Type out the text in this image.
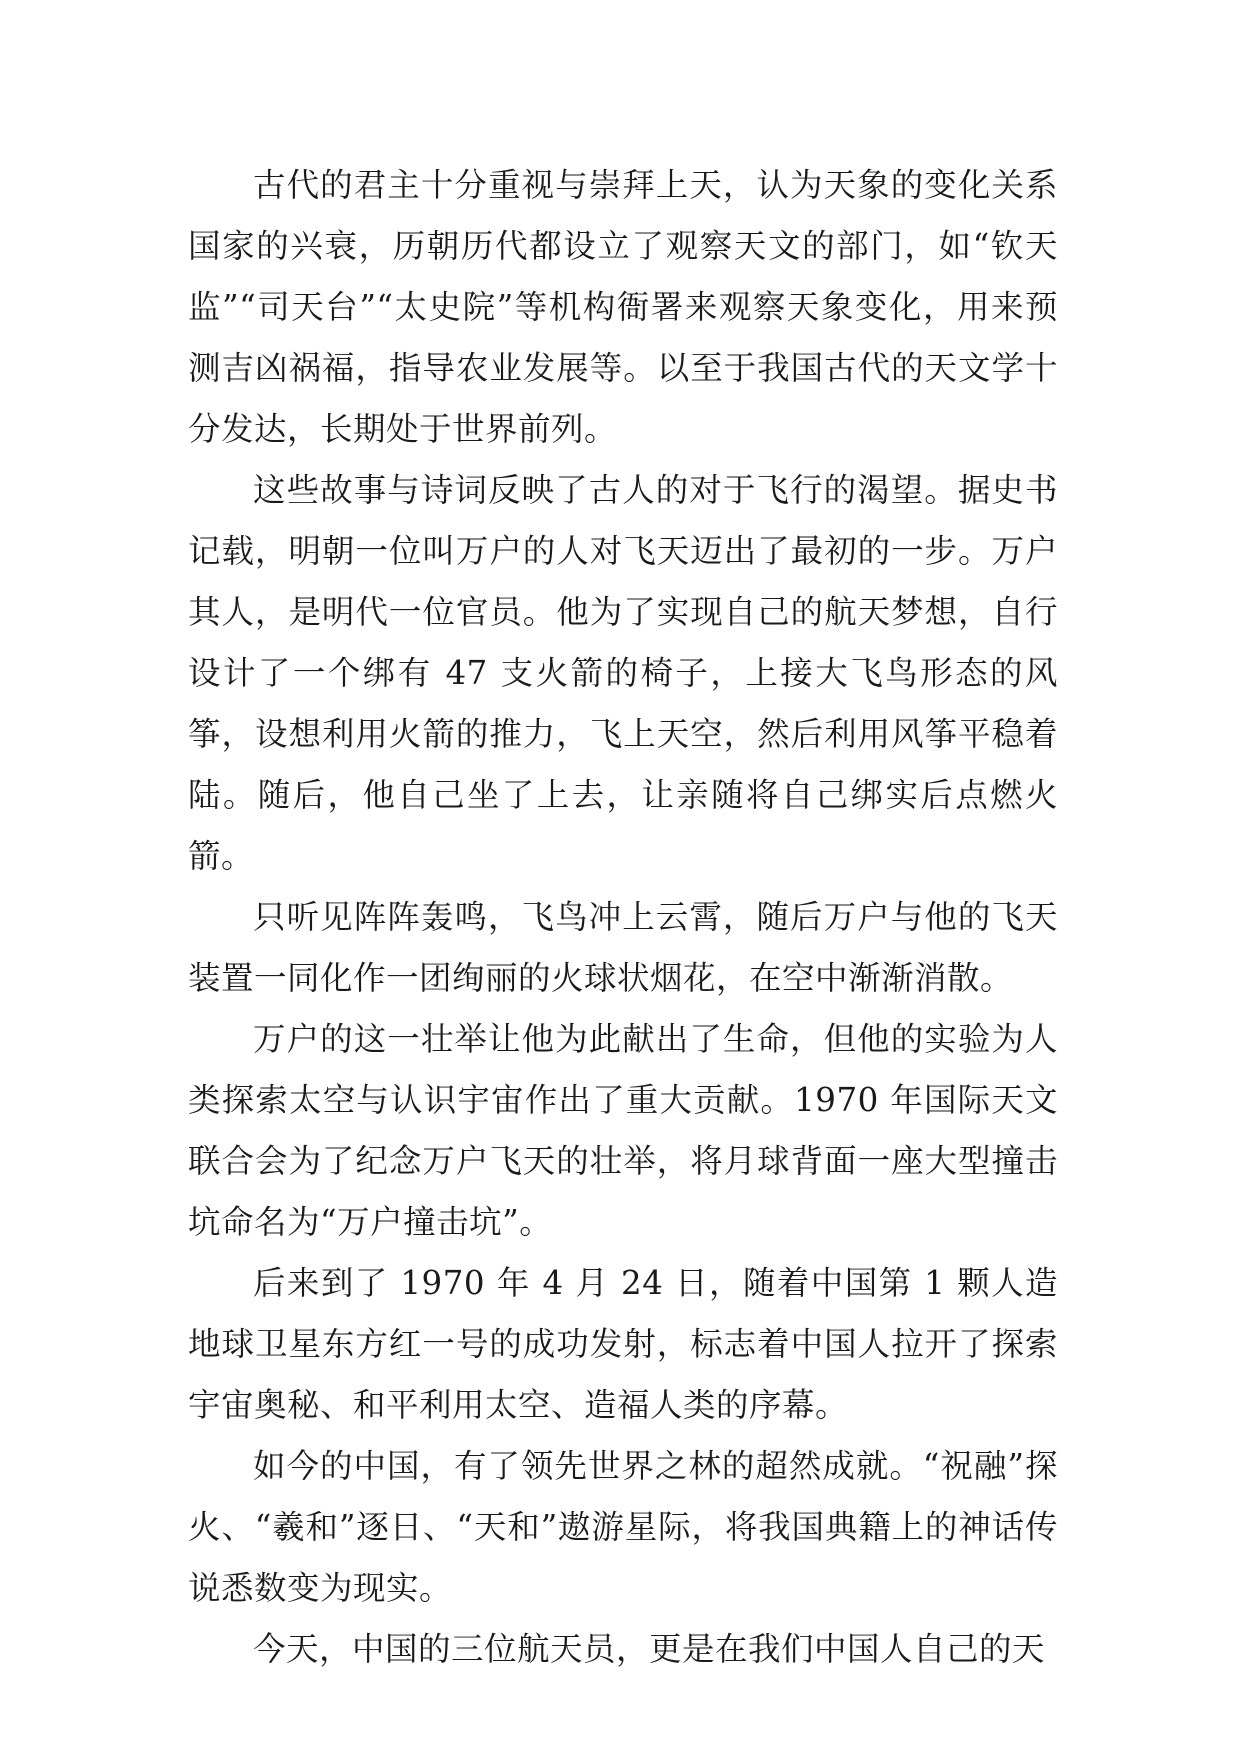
古代的君主十分重视与崇拜上天，认为天象的变化关系国家的兴衰，历朝历代都设立了观察天文的部门，如“钦天监”“司天台”“太史院”等机构衙署来观察天象变化，用来预测吉凶祸福，指导农业发展等。以至于我国古代的天文学十分发达，长期处于世界前列。

这些故事与诗词反映了古人的对于飞行的渴望。据史书记载，明朝一位叫万户的人对飞天迈出了最初的一步。万户其人，是明代一位官员。他为了实现自己的航天梦想，自行设计了一个绑有 47 支火箭的椅子，上接大飞鸟形态的风筝，设想利用火箭的推力，飞上天空，然后利用风筝平稳着陆。随后，他自己坐了上去，让亲随将自己绑实后点燃火箭。

只听见阵阵轰鸣，飞鸟冲上云霄，随后万户与他的飞天装置一同化作一团绚丽的火球状烟花，在空中渐渐消散。

万户的这一壮举让他为此献出了生命，但他的实验为人类探索太空与认识宇宙作出了重大贡献。1970 年国际天文联合会为了纪念万户飞天的壮举，将月球背面一座大型撞击坑命名为“万户撞击坑”。

后来到了 1970 年 4 月 24 日，随着中国第 1 颗人造地球卫星东方红一号的成功发射，标志着中国人拉开了探索宇宙奥秘、和平利用太空、造福人类的序幕。

如今的中国，有了领先世界之林的超然成就。“祝融”探火、“羲和”逐日、“天和”遨游星际，将我国典籍上的神话传说悉数变为现实。

今天，中国的三位航天员，更是在我们中国人自己的天
